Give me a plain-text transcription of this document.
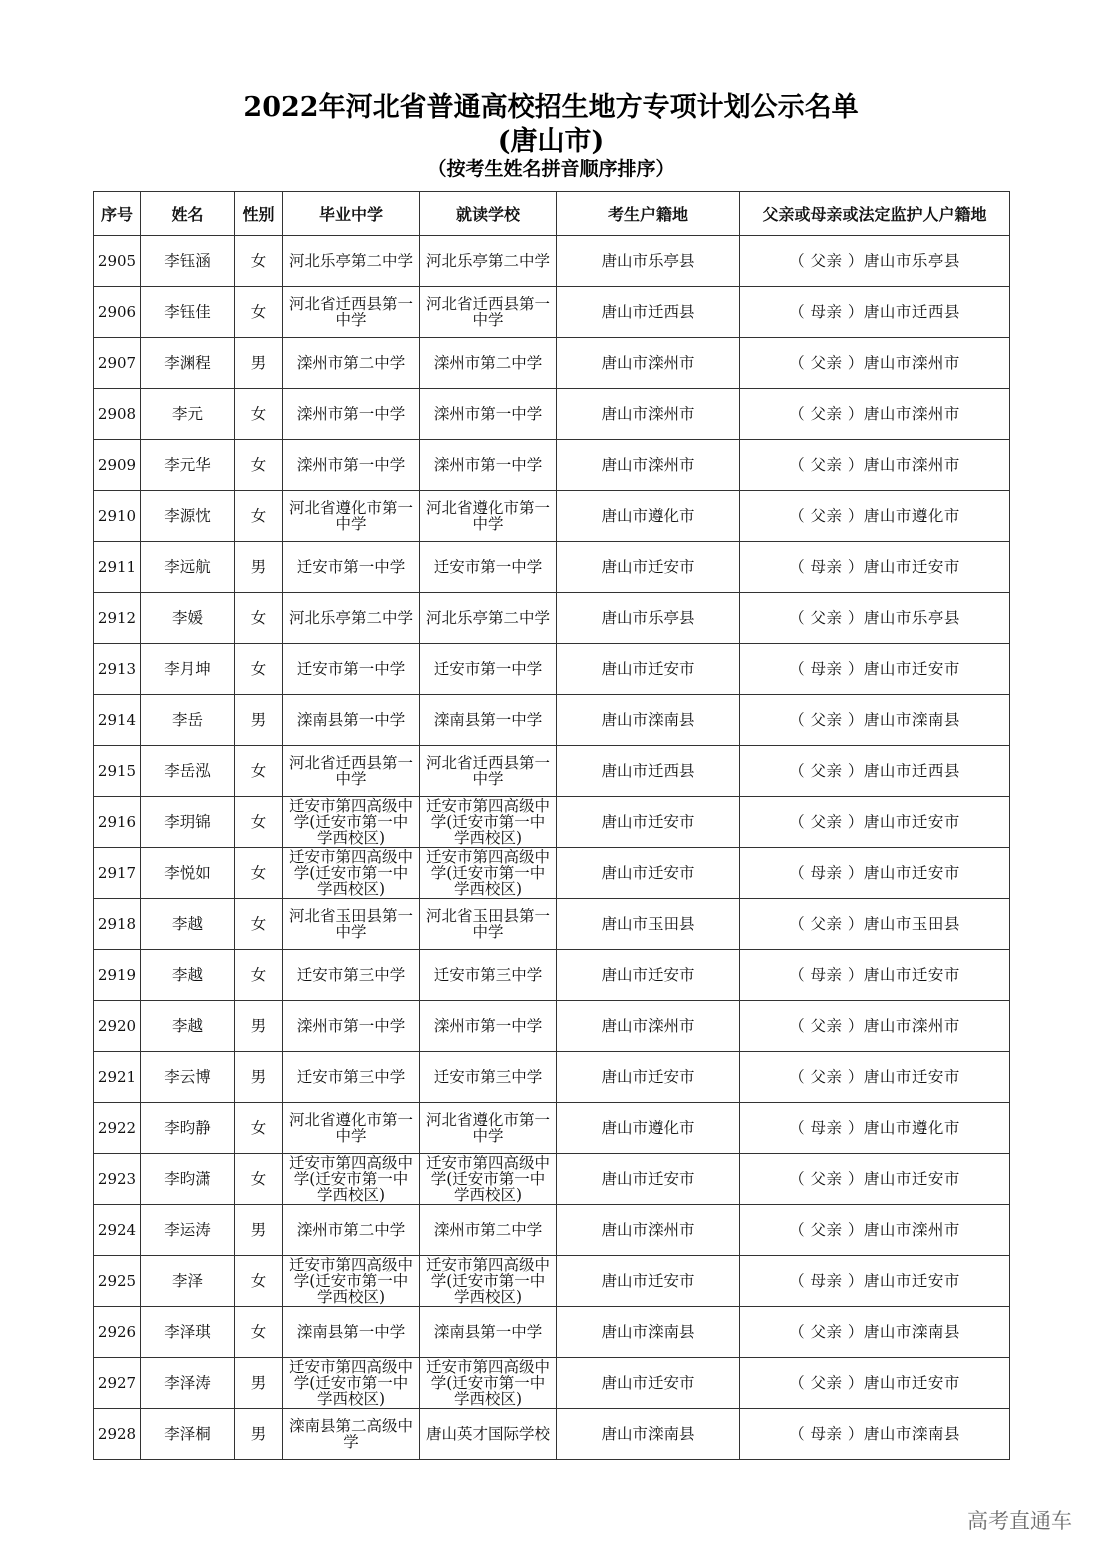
2022年河北省普通高校招生地方专项计划公示名单
(唐山市)
（按考生姓名拼音顺序排序）
序号	姓名	性别	毕业中学	就读学校	考生户籍地	父亲或母亲或法定监护人户籍地
2905	李钰涵	女	河北乐亭第二中学	河北乐亭第二中学	唐山市乐亭县	（ 父亲 ）唐山市乐亭县
2906	李钰佳	女	河北省迁西县第一中学	河北省迁西县第一中学	唐山市迁西县	（ 母亲 ）唐山市迁西县
2907	李渊程	男	滦州市第二中学	滦州市第二中学	唐山市滦州市	（ 父亲 ）唐山市滦州市
2908	李元	女	滦州市第一中学	滦州市第一中学	唐山市滦州市	（ 父亲 ）唐山市滦州市
2909	李元华	女	滦州市第一中学	滦州市第一中学	唐山市滦州市	（ 父亲 ）唐山市滦州市
2910	李源忱	女	河北省遵化市第一中学	河北省遵化市第一中学	唐山市遵化市	（ 父亲 ）唐山市遵化市
2911	李远航	男	迁安市第一中学	迁安市第一中学	唐山市迁安市	（ 母亲 ）唐山市迁安市
2912	李媛	女	河北乐亭第二中学	河北乐亭第二中学	唐山市乐亭县	（ 父亲 ）唐山市乐亭县
2913	李月坤	女	迁安市第一中学	迁安市第一中学	唐山市迁安市	（ 母亲 ）唐山市迁安市
2914	李岳	男	滦南县第一中学	滦南县第一中学	唐山市滦南县	（ 父亲 ）唐山市滦南县
2915	李岳泓	女	河北省迁西县第一中学	河北省迁西县第一中学	唐山市迁西县	（ 父亲 ）唐山市迁西县
2916	李玥锦	女	迁安市第四高级中学(迁安市第一中学西校区)	迁安市第四高级中学(迁安市第一中学西校区)	唐山市迁安市	（ 父亲 ）唐山市迁安市
2917	李悦如	女	迁安市第四高级中学(迁安市第一中学西校区)	迁安市第四高级中学(迁安市第一中学西校区)	唐山市迁安市	（ 母亲 ）唐山市迁安市
2918	李越	女	河北省玉田县第一中学	河北省玉田县第一中学	唐山市玉田县	（ 父亲 ）唐山市玉田县
2919	李越	女	迁安市第三中学	迁安市第三中学	唐山市迁安市	（ 母亲 ）唐山市迁安市
2920	李越	男	滦州市第一中学	滦州市第一中学	唐山市滦州市	（ 父亲 ）唐山市滦州市
2921	李云博	男	迁安市第三中学	迁安市第三中学	唐山市迁安市	（ 父亲 ）唐山市迁安市
2922	李昀静	女	河北省遵化市第一中学	河北省遵化市第一中学	唐山市遵化市	（ 母亲 ）唐山市遵化市
2923	李昀潇	女	迁安市第四高级中学(迁安市第一中学西校区)	迁安市第四高级中学(迁安市第一中学西校区)	唐山市迁安市	（ 父亲 ）唐山市迁安市
2924	李运涛	男	滦州市第二中学	滦州市第二中学	唐山市滦州市	（ 父亲 ）唐山市滦州市
2925	李泽	女	迁安市第四高级中学(迁安市第一中学西校区)	迁安市第四高级中学(迁安市第一中学西校区)	唐山市迁安市	（ 母亲 ）唐山市迁安市
2926	李泽琪	女	滦南县第一中学	滦南县第一中学	唐山市滦南县	（ 父亲 ）唐山市滦南县
2927	李泽涛	男	迁安市第四高级中学(迁安市第一中学西校区)	迁安市第四高级中学(迁安市第一中学西校区)	唐山市迁安市	（ 父亲 ）唐山市迁安市
2928	李泽桐	男	滦南县第二高级中学	唐山英才国际学校	唐山市滦南县	（ 母亲 ）唐山市滦南县
高考直通车
